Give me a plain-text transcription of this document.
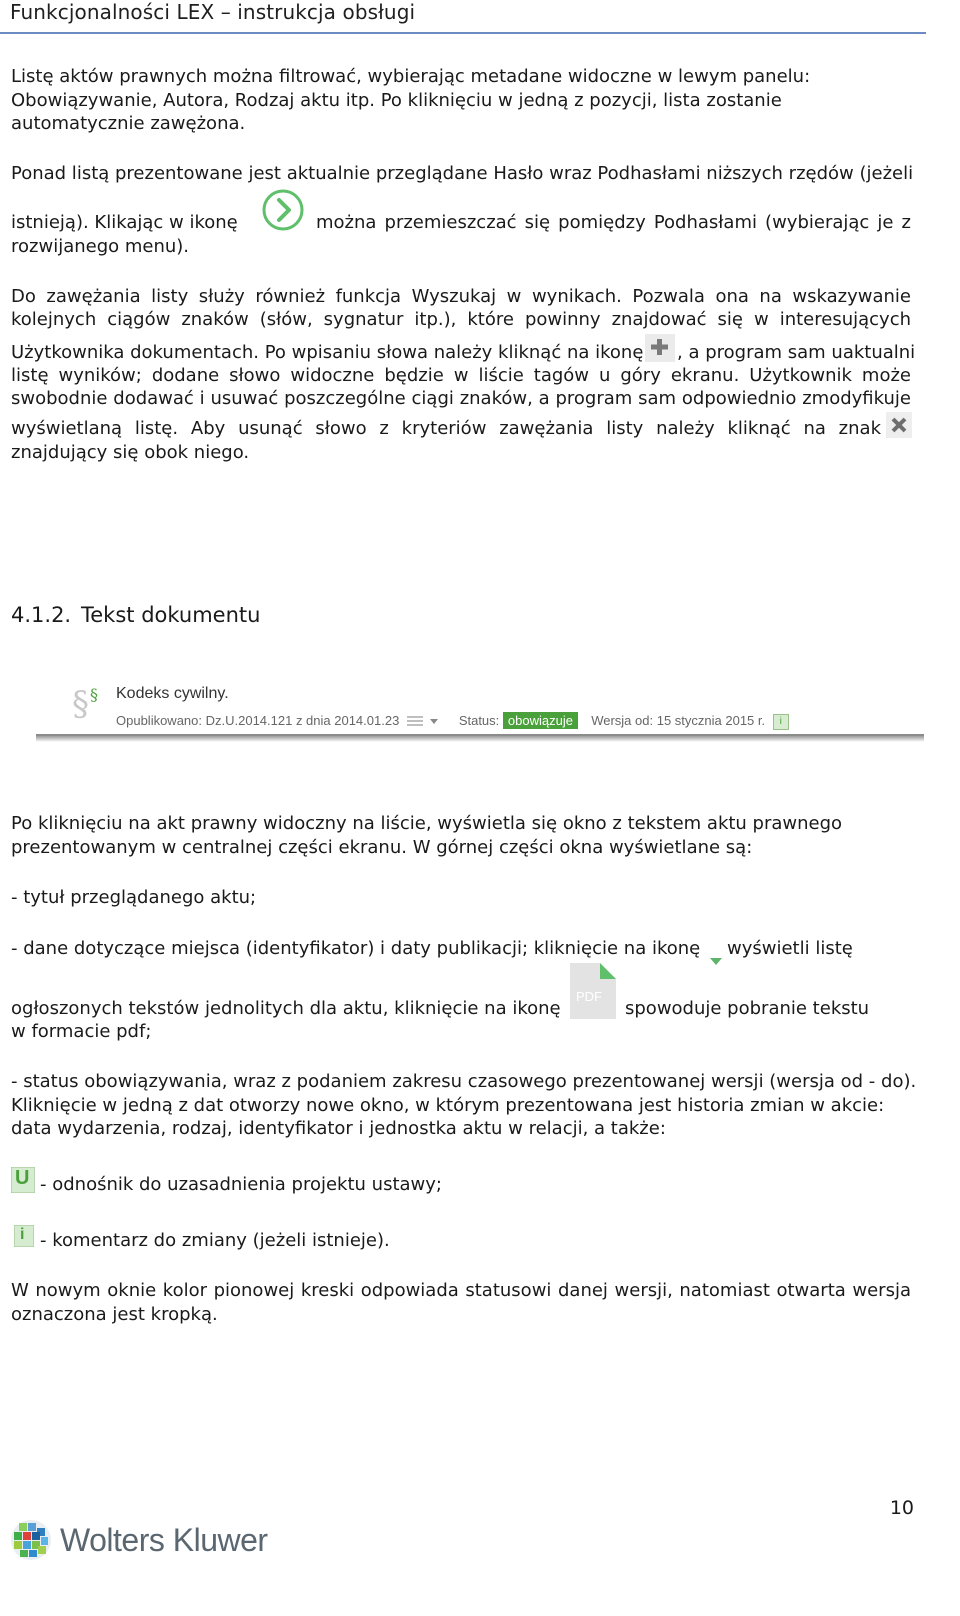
Funkcjonalności LEX – instrukcja obsługi
Listę aktów prawnych można filtrować, wybierając metadane widoczne w lewym panelu:
Obowiązywanie, Autora, Rodzaj aktu itp. Po kliknięciu w jedną z pozycji, lista zostanie
automatycznie zawężona.
Ponad listą prezentowane jest aktualnie przeglądane Hasło wraz Podhasłami niższych rzędów (jeżeli
istnieją). Klikając w ikonę	można przemieszczać się pomiędzy Podhasłami (wybierając je z
rozwijanego menu).
Do zawężania listy służy również funkcja Wyszukaj w wynikach. Pozwala ona na wskazywanie
kolejnych ciągów znaków (słów, sygnatur itp.), które powinny znajdować się w interesujących
Użytkownika dokumentach. Po wpisaniu słowa należy kliknąć na ikonę , a program sam uaktualni
listę wyników; dodane słowo widoczne będzie w liście tagów u góry ekranu. Użytkownik może
swobodnie dodawać i usuwać poszczególne ciągi znaków, a program sam odpowiednio zmodyfikuje
wyświetlaną listę. Aby usunąć słowo z kryteriów zawężania listy należy kliknąć na znak
znajdujący się obok niego.
4.1.2. Tekst dokumentu
§ § Kodeks cywilny.
Opublikowano: Dz.U.2014.121 z dnia 2014.01.23	Status: obowiązuje Wersja od: 15 stycznia 2015 r. i
Po kliknięciu na akt prawny widoczny na liście, wyświetla się okno z tekstem aktu prawnego
prezentowanym w centralnej części ekranu. W górnej części okna wyświetlane są:
- tytuł przeglądanego aktu;
- dane dotyczące miejsca (identyfikator) i daty publikacji; kliknięcie na ikonę	wyświetli listę
ogłoszonych tekstów jednolitych dla aktu, kliknięcie na ikonę
PDF
spowoduje pobranie tekstu
w formacie pdf;
- status obowiązywania, wraz z podaniem zakresu czasowego prezentowanej wersji (wersja od - do).
Kliknięcie w jedną z dat otworzy nowe okno, w którym prezentowana jest historia zmian w akcie:
data wydarzenia, rodzaj, identyfikator i jednostka aktu w relacji, a także:
U - odnośnik do uzasadnienia projektu ustawy;
i - komentarz do zmiany (jeżeli istnieje).
W nowym oknie kolor pionowej kreski odpowiada statusowi danej wersji, natomiast otwarta wersja
oznaczona jest kropką.
10
Wolters Kluwer
